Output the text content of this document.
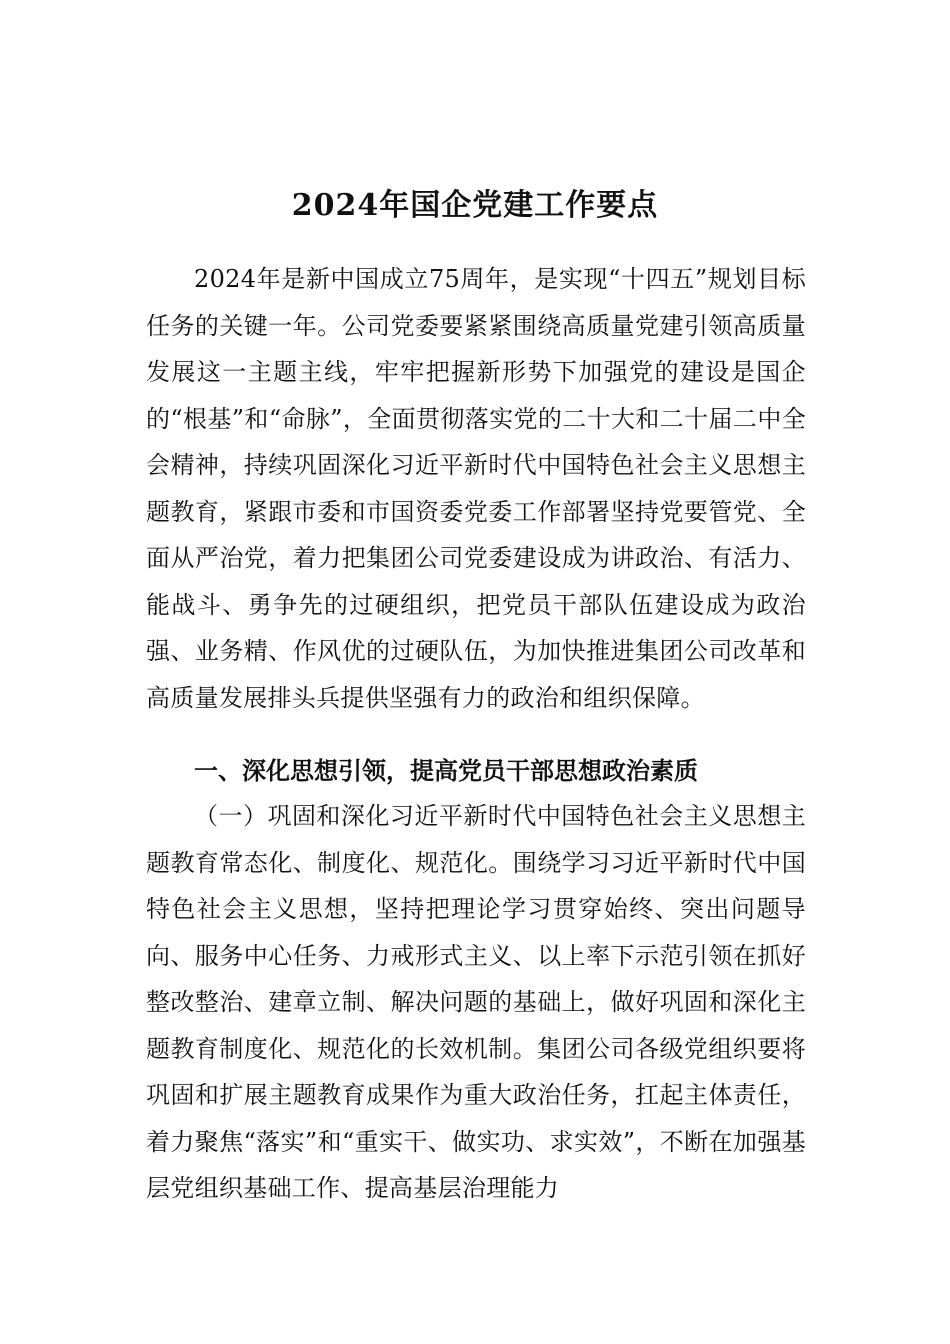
2024年国企党建工作要点

2024年是新中国成立75周年，是实现“十四五”规划目标任务的关键一年。公司党委要紧紧围绕高质量党建引领高质量发展这一主题主线，牢牢把握新形势下加强党的建设是国企的“根基”和“命脉”，全面贯彻落实党的二十大和二十届二中全会精神，持续巩固深化习近平新时代中国特色社会主义思想主题教育，紧跟市委和市国资委党委工作部署坚持党要管党、全面从严治党，着力把集团公司党委建设成为讲政治、有活力、能战斗、勇争先的过硬组织，把党员干部队伍建设成为政治强、业务精、作风优的过硬队伍，为加快推进集团公司改革和高质量发展排头兵提供坚强有力的政治和组织保障。

一、深化思想引领，提高党员干部思想政治素质

（一）巩固和深化习近平新时代中国特色社会主义思想主题教育常态化、制度化、规范化。围绕学习习近平新时代中国特色社会主义思想，坚持把理论学习贯穿始终、突出问题导向、服务中心任务、力戒形式主义、以上率下示范引领在抓好整改整治、建章立制、解决问题的基础上，做好巩固和深化主题教育制度化、规范化的长效机制。集团公司各级党组织要将巩固和扩展主题教育成果作为重大政治任务，扛起主体责任，着力聚焦“落实”和“重实干、做实功、求实效”，不断在加强基层党组织基础工作、提高基层治理能力
